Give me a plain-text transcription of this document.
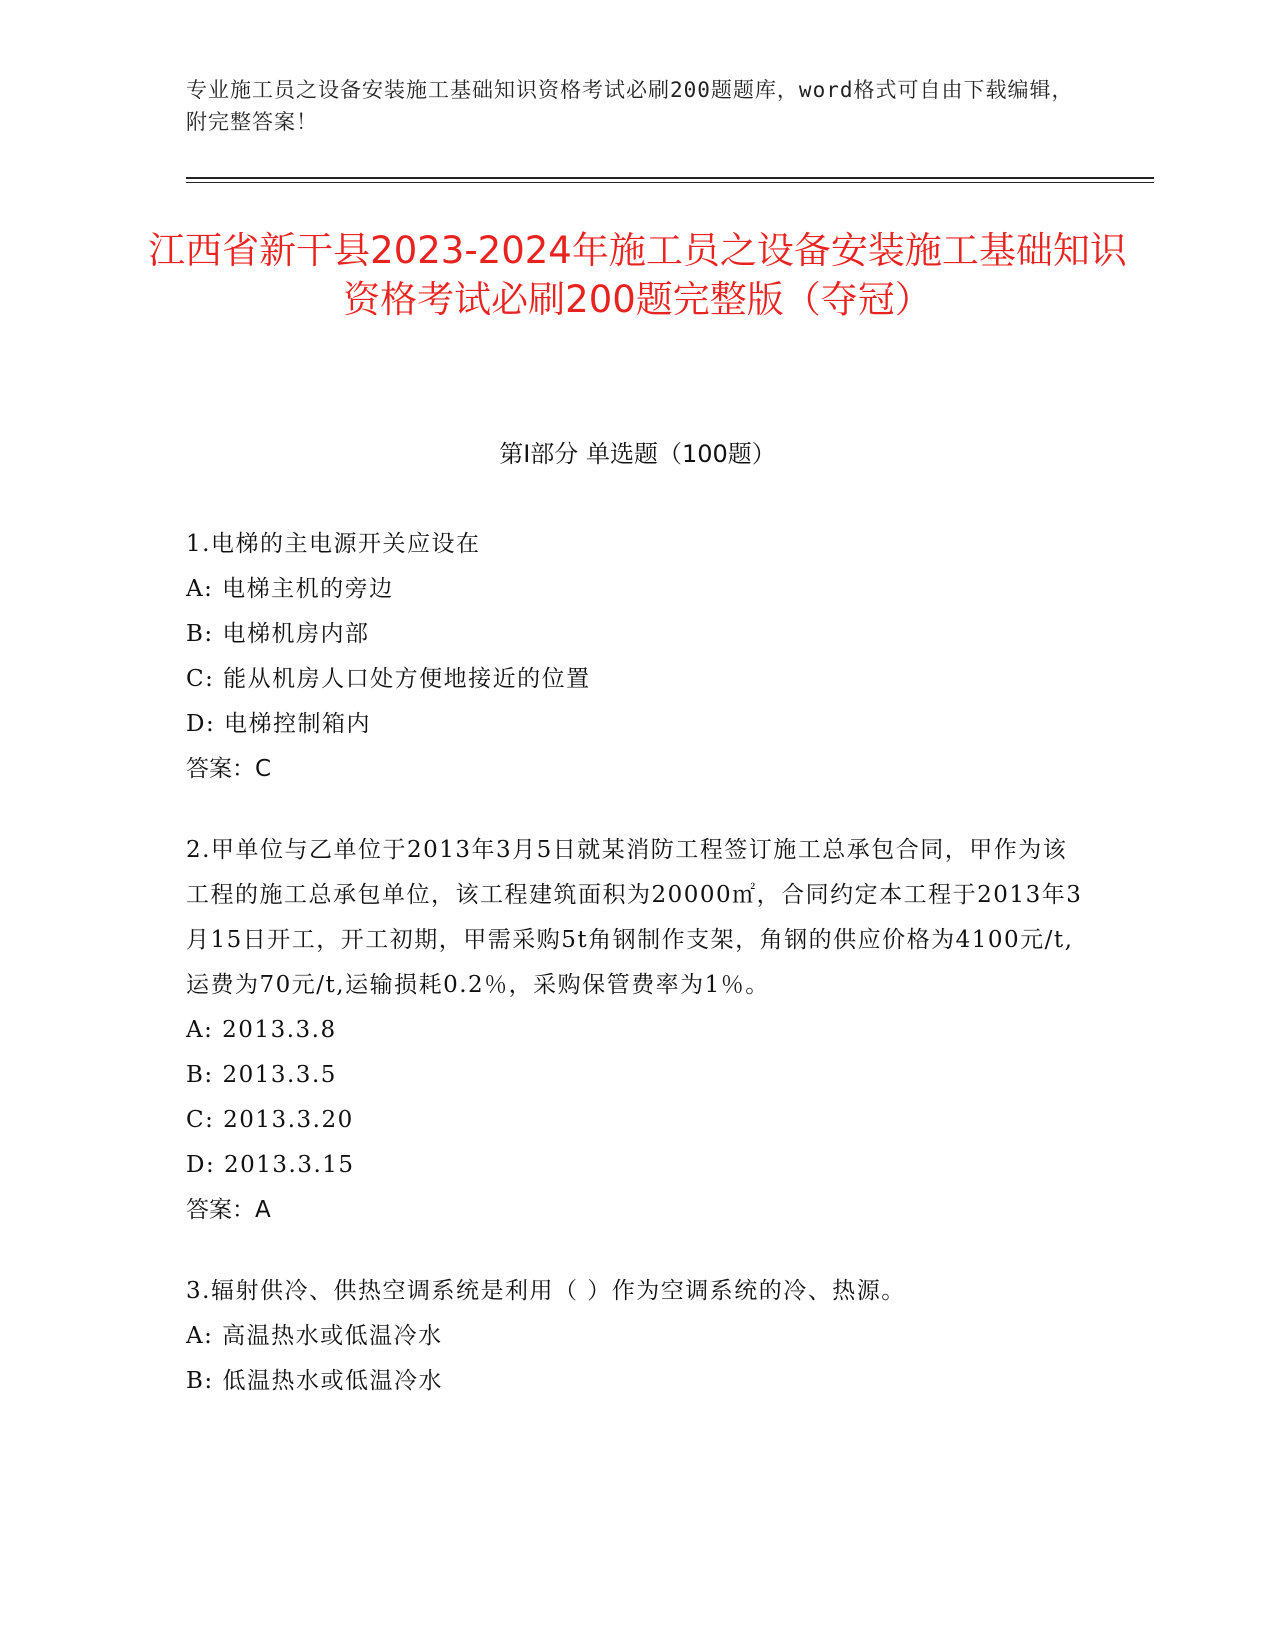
专业施工员之设备安装施工基础知识资格考试必刷200题题库，word格式可自由下载编辑，附完整答案！
江西省新干县2023-2024年施工员之设备安装施工基础知识资格考试必刷200题完整版（夺冠）
第Ⅰ部分 单选题（100题）
1.电梯的主电源开关应设在
A: 电梯主机的旁边
B: 电梯机房内部
C: 能从机房人口处方便地接近的位置
D: 电梯控制箱内
答案：C
2.甲单位与乙单位于2013年3月5日就某消防工程签订施工总承包合同，甲作为该工程的施工总承包单位，该工程建筑面积为20000㎡，合同约定本工程于2013年3月15日开工，开工初期，甲需采购5t角钢制作支架，角钢的供应价格为4100元/t,运费为70元/t,运输损耗0.2％，采购保管费率为1％。
A: 2013.3.8
B: 2013.3.5
C: 2013.3.20
D: 2013.3.15
答案：A
3.辐射供冷、供热空调系统是利用（ ）作为空调系统的冷、热源。
A: 高温热水或低温冷水
B: 低温热水或低温冷水
